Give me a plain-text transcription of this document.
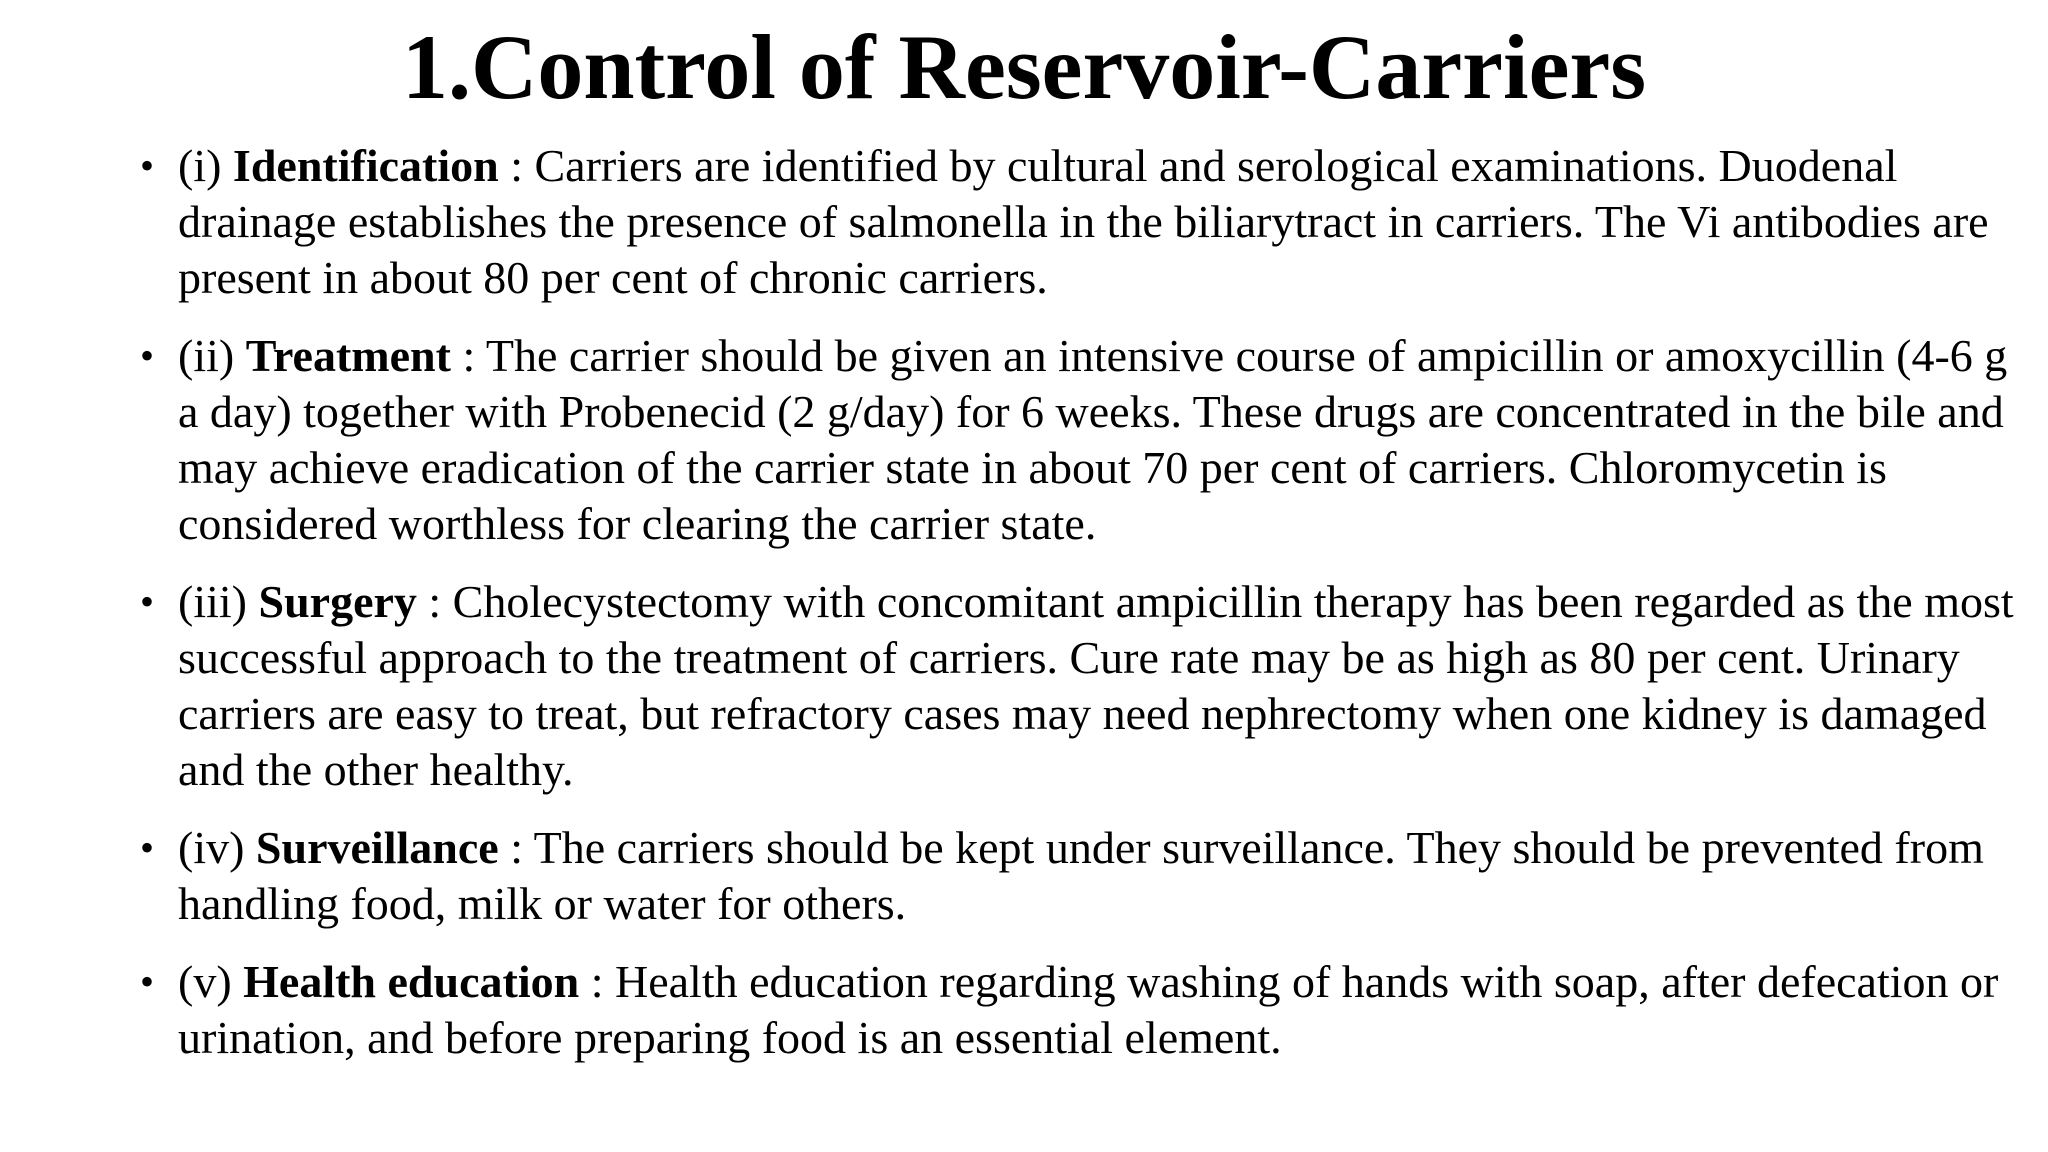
1.Control of Reservoir-Carriers
• (i) Identification : Carriers are identified by cultural and serological examinations. Duodenal drainage establishes the presence of salmonella in the biliarytract in carriers. The Vi antibodies are present in about 80 per cent of chronic carriers.
• (ii) Treatment : The carrier should be given an intensive course of ampicillin or amoxycillin (4-6 g a day) together with Probenecid (2 g/day) for 6 weeks. These drugs are concentrated in the bile and may achieve eradication of the carrier state in about 70 per cent of carriers. Chloromycetin is considered worthless for clearing the carrier state.
• (iii) Surgery : Cholecystectomy with concomitant ampicillin therapy has been regarded as the most successful approach to the treatment of carriers. Cure rate may be as high as 80 per cent. Urinary carriers are easy to treat, but refractory cases may need nephrectomy when one kidney is damaged and the other healthy.
• (iv) Surveillance : The carriers should be kept under surveillance. They should be prevented from handling food, milk or water for others.
• (v) Health education : Health education regarding washing of hands with soap, after defecation or urination, and before preparing food is an essential element.
